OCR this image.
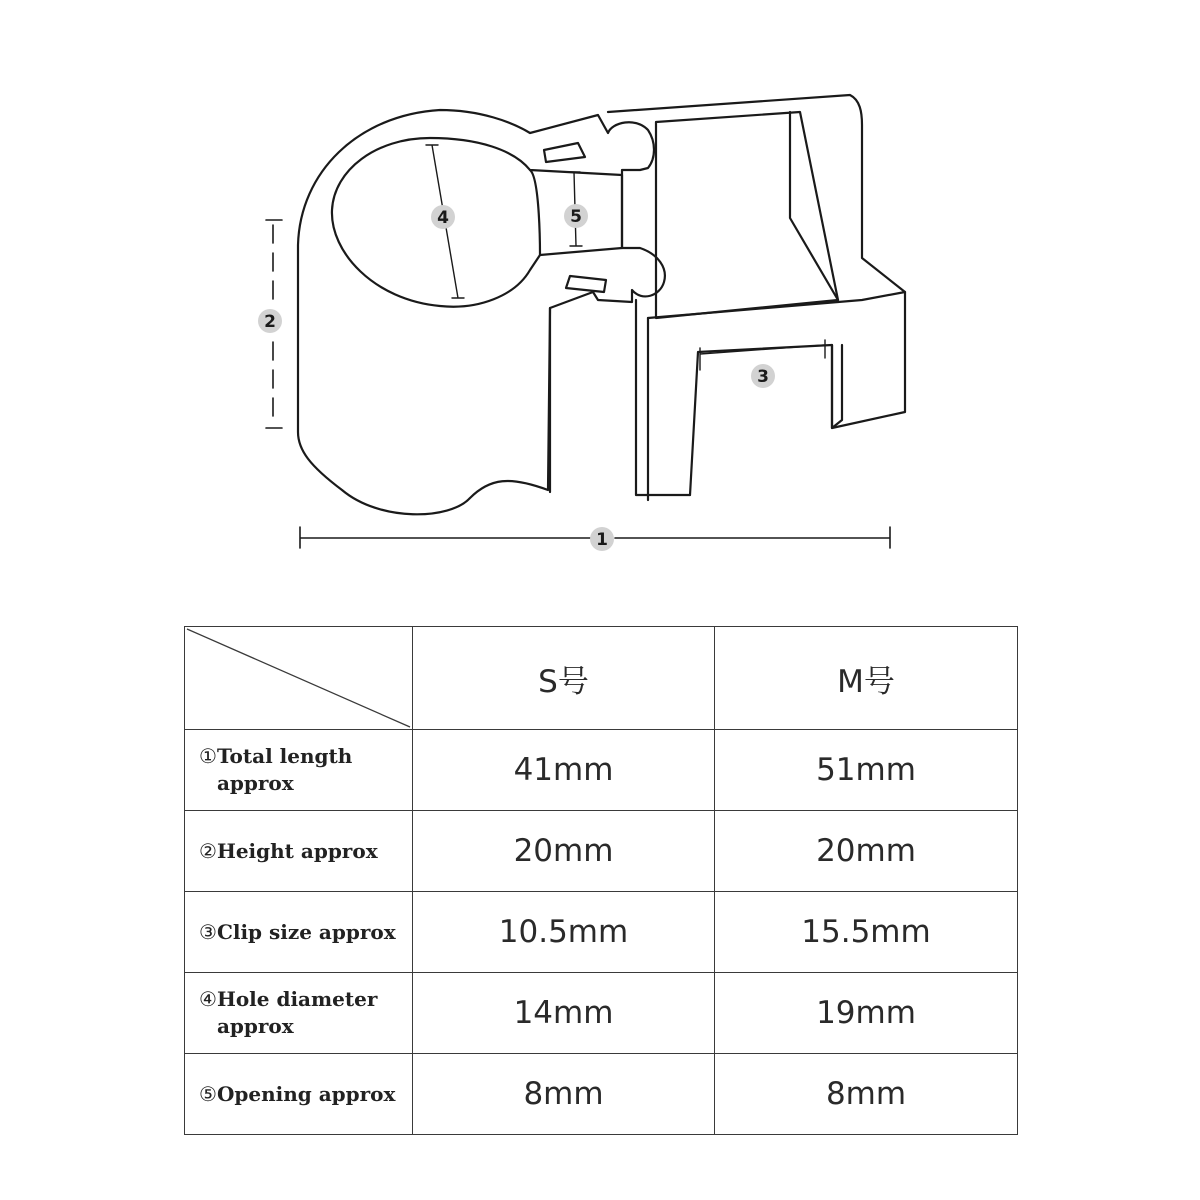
1
2
3
4	5
	S号	M号

① Total length approx	41mm	51mm

② Height approx	20mm	20mm

③ Clip size approx	10.5mm	15.5mm

④ Hole diameter approx	14mm	19mm

⑤ Opening approx	8mm	8mm
